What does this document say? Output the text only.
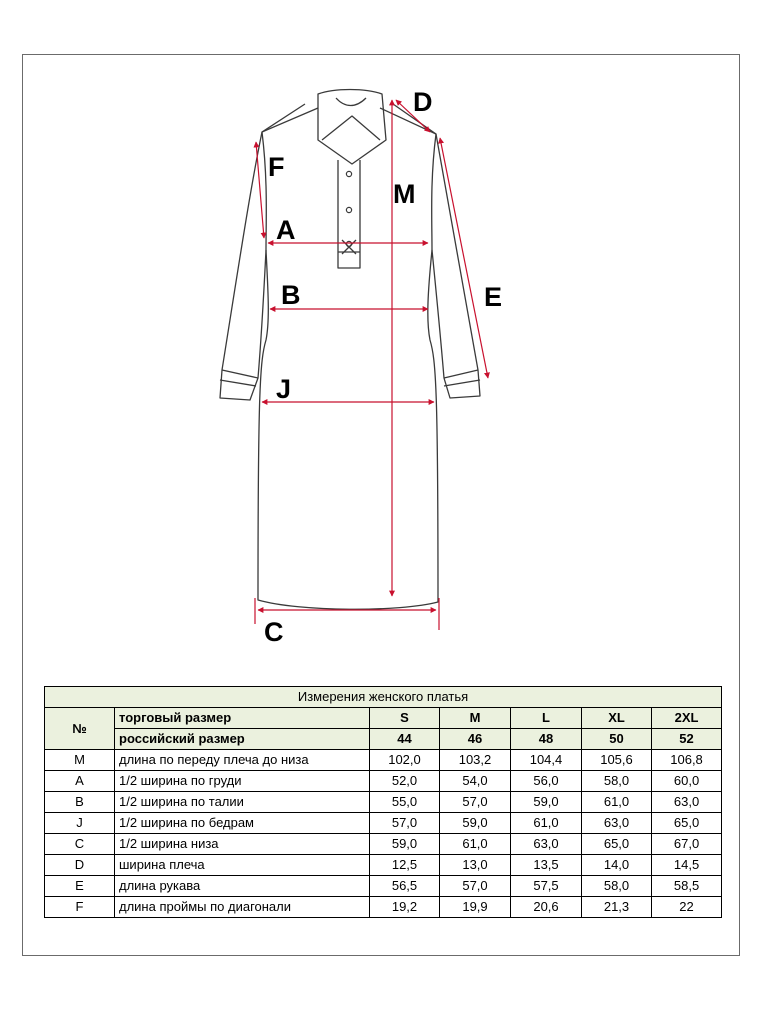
D
F
M
A
B	E
J
C
Измерения женского платья						
№	торговый размер	S	M	L	XL	2XL
	российский размер	44	46	48	50	52
M	длина по переду плеча до низа	102,0	103,2	104,4	105,6	106,8
A	1/2 ширина по груди	52,0	54,0	56,0	58,0	60,0
B	1/2 ширина по талии	55,0	57,0	59,0	61,0	63,0
J	1/2 ширина по бедрам	57,0	59,0	61,0	63,0	65,0
C	1/2 ширина низа	59,0	61,0	63,0	65,0	67,0
D	ширина плеча	12,5	13,0	13,5	14,0	14,5
E	длина рукава	56,5	57,0	57,5	58,0	58,5
F	длина проймы по диагонали	19,2	19,9	20,6	21,3	22
